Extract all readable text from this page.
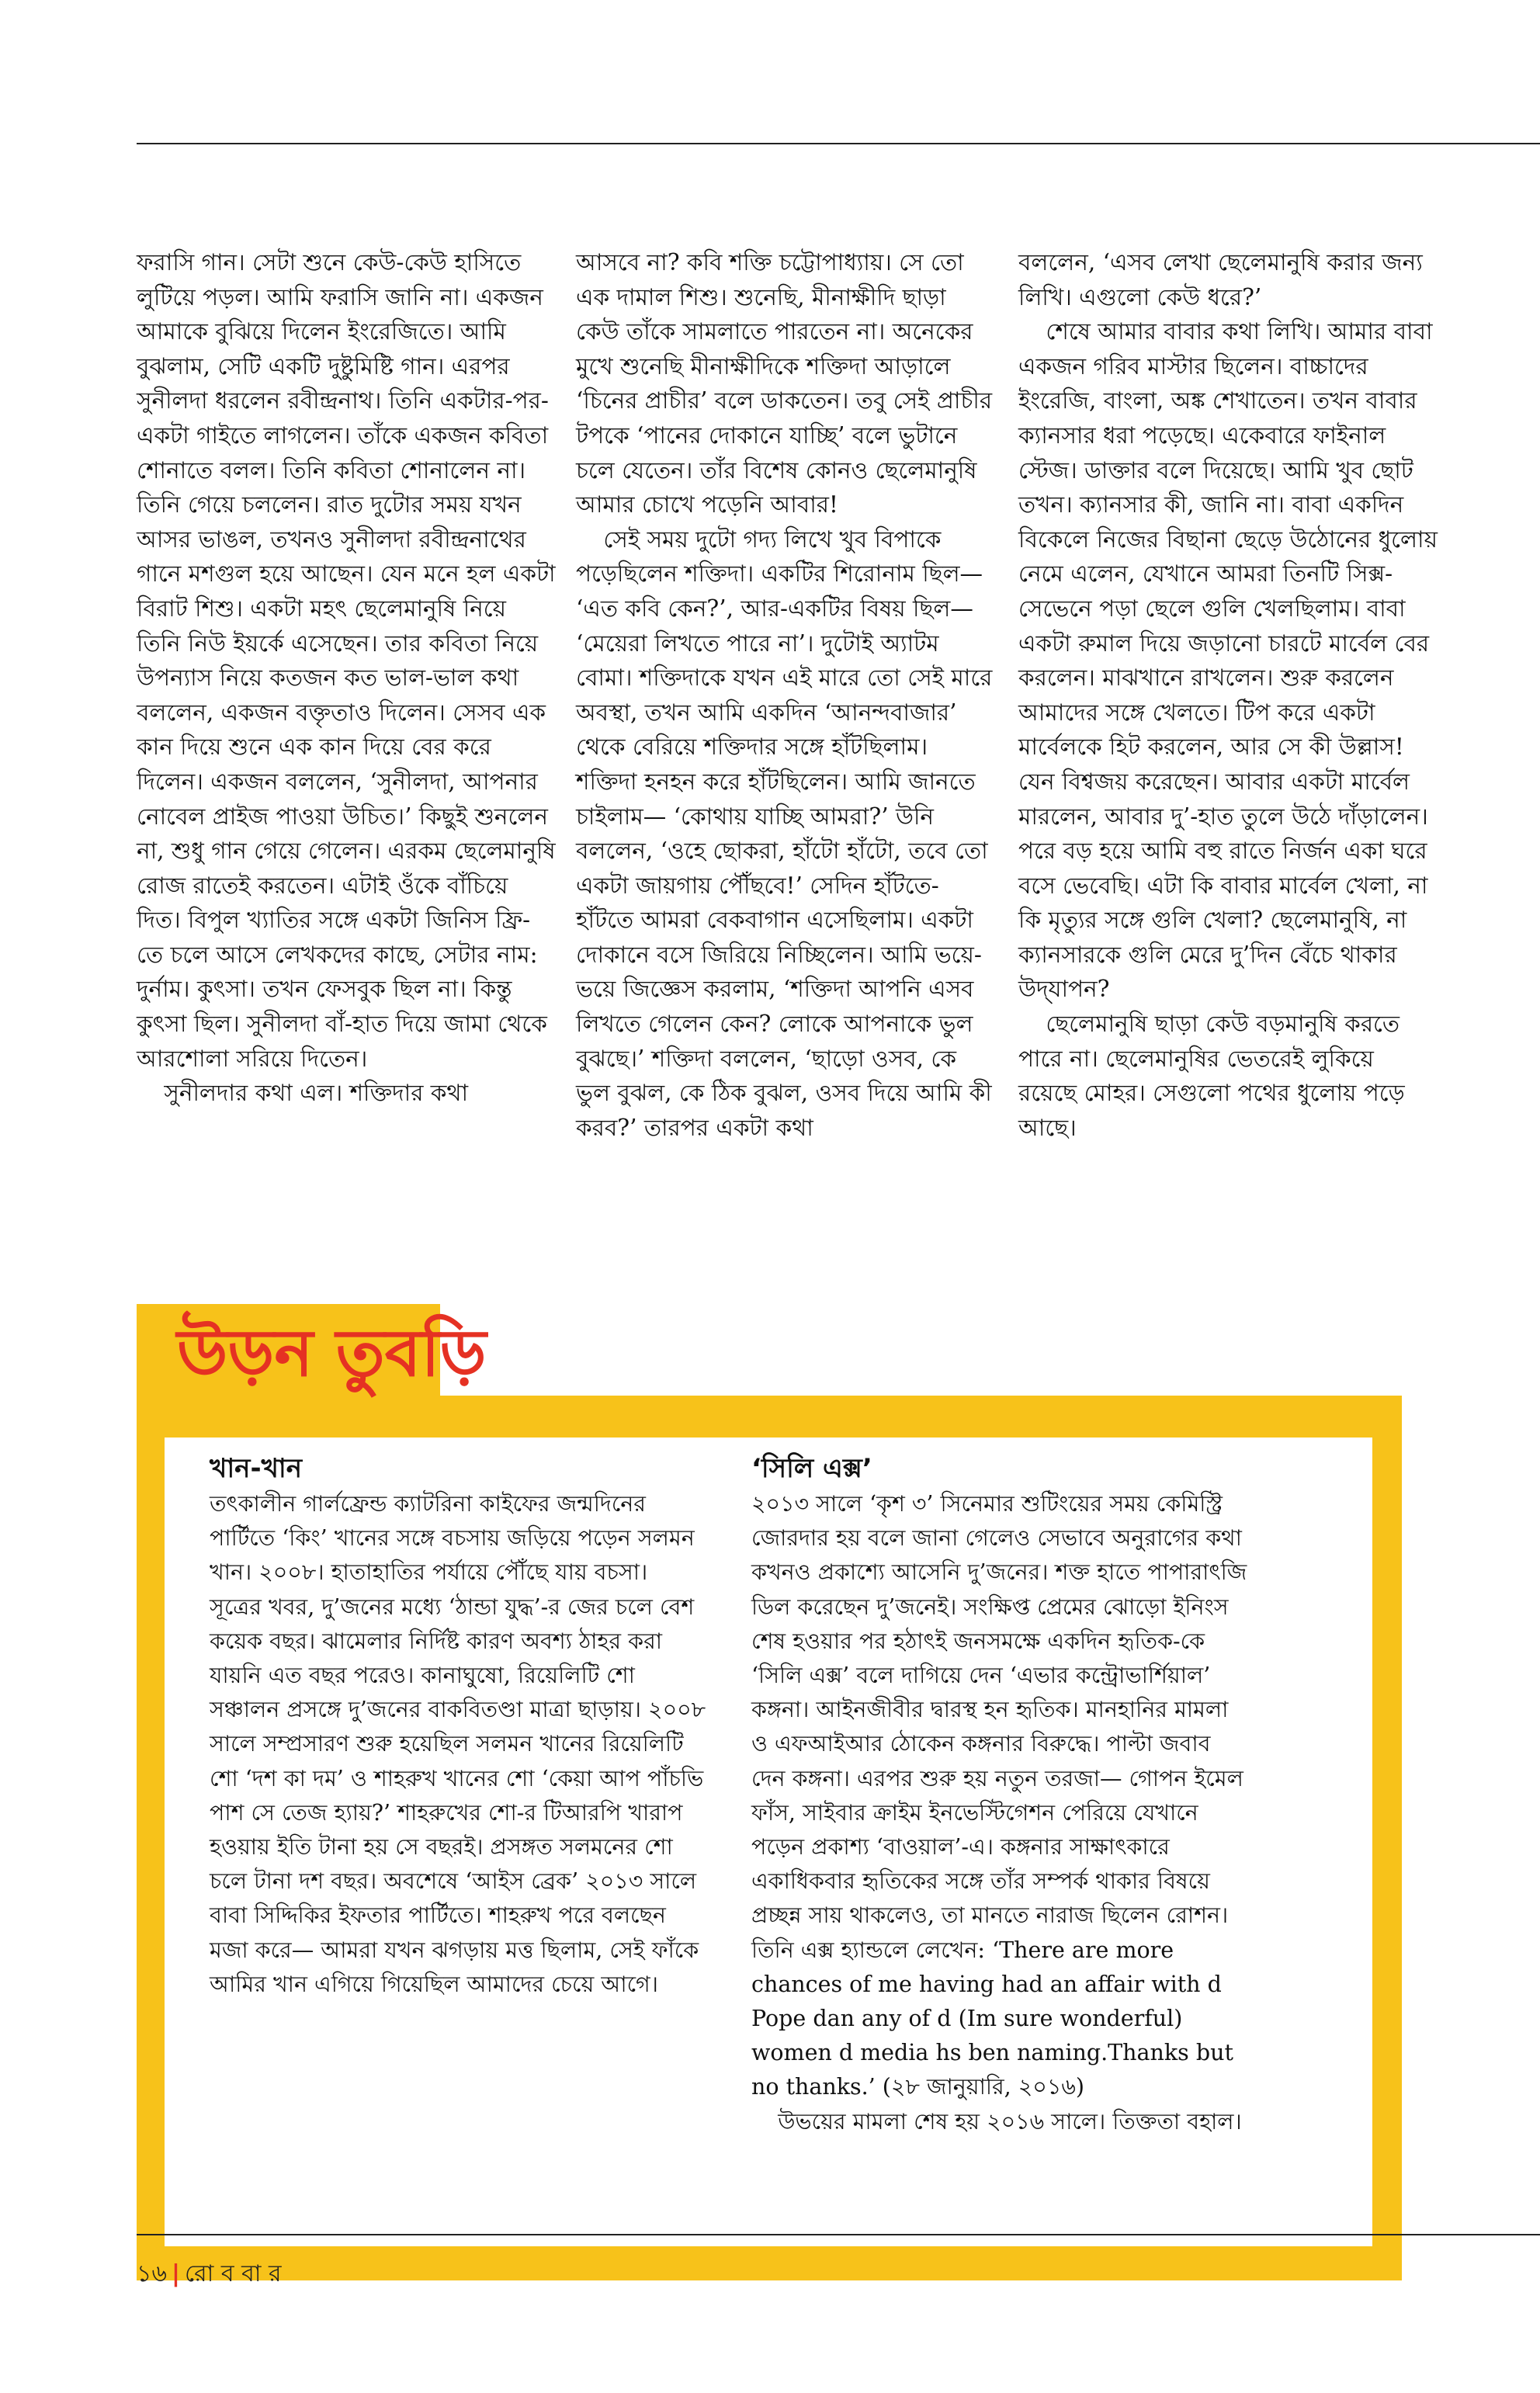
ফরাসি গান। সেটা শুনে কেউ-কেউ হাসিতে লুটিয়ে পড়ল। আমি ফরাসি জানি না। একজন আমাকে বুঝিয়ে দিলেন ইংরেজিতে। আমি বুঝলাম, সেটি একটি দুষ্টুমিষ্টি গান। এরপর সুনীলদা ধরলেন রবীন্দ্রনাথ। তিনি একটার-পর-একটা গাইতে লাগলেন। তাঁকে একজন কবিতা শোনাতে বলল। তিনি কবিতা শোনালেন না। তিনি গেয়ে চললেন। রাত দুটোর সময় যখন আসর ভাঙল, তখনও সুনীলদা রবীন্দ্রনাথের গানে মশগুল হয়ে আছেন। যেন মনে হল একটা বিরাট শিশু। একটা মহৎ ছেলেমানুষি নিয়ে তিনি নিউ ইয়র্কে এসেছেন। তার কবিতা নিয়ে উপন্যাস নিয়ে কতজন কত ভাল-ভাল কথা বললেন, একজন বক্তৃতাও দিলেন। সেসব এক কান দিয়ে শুনে এক কান দিয়ে বের করে দিলেন। একজন বললেন, ‘সুনীলদা, আপনার নোবেল প্রাইজ পাওয়া উচিত।’ কিছুই শুনলেন না, শুধু গান গেয়ে গেলেন। এরকম ছেলেমানুষি রোজ রাতেই করতেন। এটাই ওঁকে বাঁচিয়ে দিত। বিপুল খ্যাতির সঙ্গে একটা জিনিস ফ্রি-তে চলে আসে লেখকদের কাছে, সেটার নাম: দুর্নাম। কুৎসা। তখন ফেসবুক ছিল না। কিন্তু কুৎসা ছিল। সুনীলদা বাঁ-হাত দিয়ে জামা থেকে আরশোলা সরিয়ে দিতেন।

সুনীলদার কথা এল। শক্তিদার কথা

আসবে না? কবি শক্তি চট্টোপাধ্যায়। সে তো এক দামাল শিশু। শুনেছি, মীনাক্ষীদি ছাড়া কেউ তাঁকে সামলাতে পারতেন না। অনেকের মুখে শুনেছি মীনাক্ষীদিকে শক্তিদা আড়ালে ‘চিনের প্রাচীর’ বলে ডাকতেন। তবু সেই প্রাচীর টপকে ‘পানের দোকানে যাচ্ছি’ বলে ভুটানে চলে যেতেন। তাঁর বিশেষ কোনও ছেলেমানুষি আমার চোখে পড়েনি আবার!

সেই সময় দুটো গদ্য লিখে খুব বিপাকে পড়েছিলেন শক্তিদা। একটির শিরোনাম ছিল— ‘এত কবি কেন?’, আর-একটির বিষয় ছিল— ‘মেয়েরা লিখতে পারে না’। দুটোই অ্যাটম বোমা। শক্তিদাকে যখন এই মারে তো সেই মারে অবস্থা, তখন আমি একদিন ‘আনন্দবাজার’ থেকে বেরিয়ে শক্তিদার সঙ্গে হাঁটছিলাম। শক্তিদা হনহন করে হাঁটছিলেন। আমি জানতে চাইলাম— ‘কোথায় যাচ্ছি আমরা?’ উনি বললেন, ‘ওহে ছোকরা, হাঁটো হাঁটো, তবে তো একটা জায়গায় পৌঁছবে!’ সেদিন হাঁটতে-হাঁটতে আমরা বেকবাগান এসেছিলাম। একটা দোকানে বসে জিরিয়ে নিচ্ছিলেন। আমি ভয়ে-ভয়ে জিজ্ঞেস করলাম, ‘শক্তিদা আপনি এসব লিখতে গেলেন কেন? লোকে আপনাকে ভুল বুঝছে।’ শক্তিদা বললেন, ‘ছাড়ো ওসব, কে ভুল বুঝল, কে ঠিক বুঝল, ওসব দিয়ে আমি কী করব?’ তারপর একটা কথা

বললেন, ‘এসব লেখা ছেলেমানুষি করার জন্য লিখি। এগুলো কেউ ধরে?’

শেষে আমার বাবার কথা লিখি। আমার বাবা একজন গরিব মাস্টার ছিলেন। বাচ্চাদের ইংরেজি, বাংলা, অঙ্ক শেখাতেন। তখন বাবার ক্যানসার ধরা পড়েছে। একেবারে ফাইনাল স্টেজ। ডাক্তার বলে দিয়েছে। আমি খুব ছোট তখন। ক্যানসার কী, জানি না। বাবা একদিন বিকেলে নিজের বিছানা ছেড়ে উঠোনের ধুলোয় নেমে এলেন, যেখানে আমরা তিনটি সিক্স-সেভেনে পড়া ছেলে গুলি খেলছিলাম। বাবা একটা রুমাল দিয়ে জড়ানো চারটে মার্বেল বের করলেন। মাঝখানে রাখলেন। শুরু করলেন আমাদের সঙ্গে খেলতে। টিপ করে একটা মার্বেলকে হিট করলেন, আর সে কী উল্লাস! যেন বিশ্বজয় করেছেন। আবার একটা মার্বেল মারলেন, আবার দু’-হাত তুলে উঠে দাঁড়ালেন। পরে বড় হয়ে আমি বহু রাতে নির্জন একা ঘরে বসে ভেবেছি। এটা কি বাবার মার্বেল খেলা, না কি মৃত্যুর সঙ্গে গুলি খেলা? ছেলেমানুষি, না ক্যানসারকে গুলি মেরে দু’দিন বেঁচে থাকার উদ্‌যাপন?

ছেলেমানুষি ছাড়া কেউ বড়মানুষি করতে পারে না। ছেলেমানুষির ভেতরেই লুকিয়ে রয়েছে মোহর। সেগুলো পথের ধুলোয় পড়ে আছে।

উড়ন তুবড়ি
খান-খান

তৎকালীন গার্লফ্রেন্ড ক্যাটরিনা কাইফের জন্মদিনের পার্টিতে ‘কিং’ খানের সঙ্গে বচসায় জড়িয়ে পড়েন সলমন খান। ২০০৮। হাতাহাতির পর্যায়ে পৌঁছে যায় বচসা। সূত্রের খবর, দু’জনের মধ্যে ‘ঠান্ডা যুদ্ধ’-র জের চলে বেশ কয়েক বছর। ঝামেলার নির্দিষ্ট কারণ অবশ্য ঠাহর করা যায়নি এত বছর পরেও। কানাঘুষো, রিয়েলিটি শো সঞ্চালন প্রসঙ্গে দু’জনের বাকবিতণ্ডা মাত্রা ছাড়ায়। ২০০৮ সালে সম্প্রসারণ শুরু হয়েছিল সলমন খানের রিয়েলিটি শো ‘দশ কা দম’ ও শাহরুখ খানের শো ‘কেয়া আপ পাঁচভি পাশ সে তেজ হ্যায়?’ শাহরুখের শো-র টিআরপি খারাপ হওয়ায় ইতি টানা হয় সে বছরই। প্রসঙ্গত সলমনের শো চলে টানা দশ বছর। অবশেষে ‘আইস ব্রেক’ ২০১৩ সালে বাবা সিদ্দিকির ইফতার পার্টিতে। শাহরুখ পরে বলছেন মজা করে— আমরা যখন ঝগড়ায় মত্ত ছিলাম, সেই ফাঁকে আমির খান এগিয়ে গিয়েছিল আমাদের চেয়ে আগে।

‘সিলি এক্স’

২০১৩ সালে ‘কৃশ ৩’ সিনেমার শুটিংয়ের সময় কেমিস্ট্রি জোরদার হয় বলে জানা গেলেও সেভাবে অনুরাগের কথা কখনও প্রকাশ্যে আসেনি দু’জনের। শক্ত হাতে পাপারাৎজি ডিল করেছেন দু’জনেই। সংক্ষিপ্ত প্রেমের ঝোড়ো ইনিংস শেষ হওয়ার পর হঠাৎই জনসমক্ষে একদিন হৃতিক-কে ‘সিলি এক্স’ বলে দাগিয়ে দেন ‘এভার কন্ট্রোভার্শিয়াল’ কঙ্গনা। আইনজীবীর দ্বারস্থ হন হৃতিক। মানহানির মামলা ও এফআইআর ঠোকেন কঙ্গনার বিরুদ্ধে। পাল্টা জবাব দেন কঙ্গনা। এরপর শুরু হয় নতুন তরজা— গোপন ইমেল ফাঁস, সাইবার ক্রাইম ইনভেস্টিগেশন পেরিয়ে যেখানে পড়েন প্রকাশ্য ‘বাওয়াল’-এ। কঙ্গনার সাক্ষাৎকারে একাধিকবার হৃতিকের সঙ্গে তাঁর সম্পর্ক থাকার বিষয়ে প্রচ্ছন্ন সায় থাকলেও, তা মানতে নারাজ ছিলেন রোশন। তিনি এক্স হ্যান্ডলে লেখেন: ‘There are more chances of me having had an affair with d Pope dan any of d (Im sure wonderful) women d media hs ben naming.Thanks but no thanks.’ (২৮ জানুয়ারি, ২০১৬)

উভয়ের মামলা শেষ হয় ২০১৬ সালে। তিক্ততা বহাল।

১৬ | রো ব বা র
